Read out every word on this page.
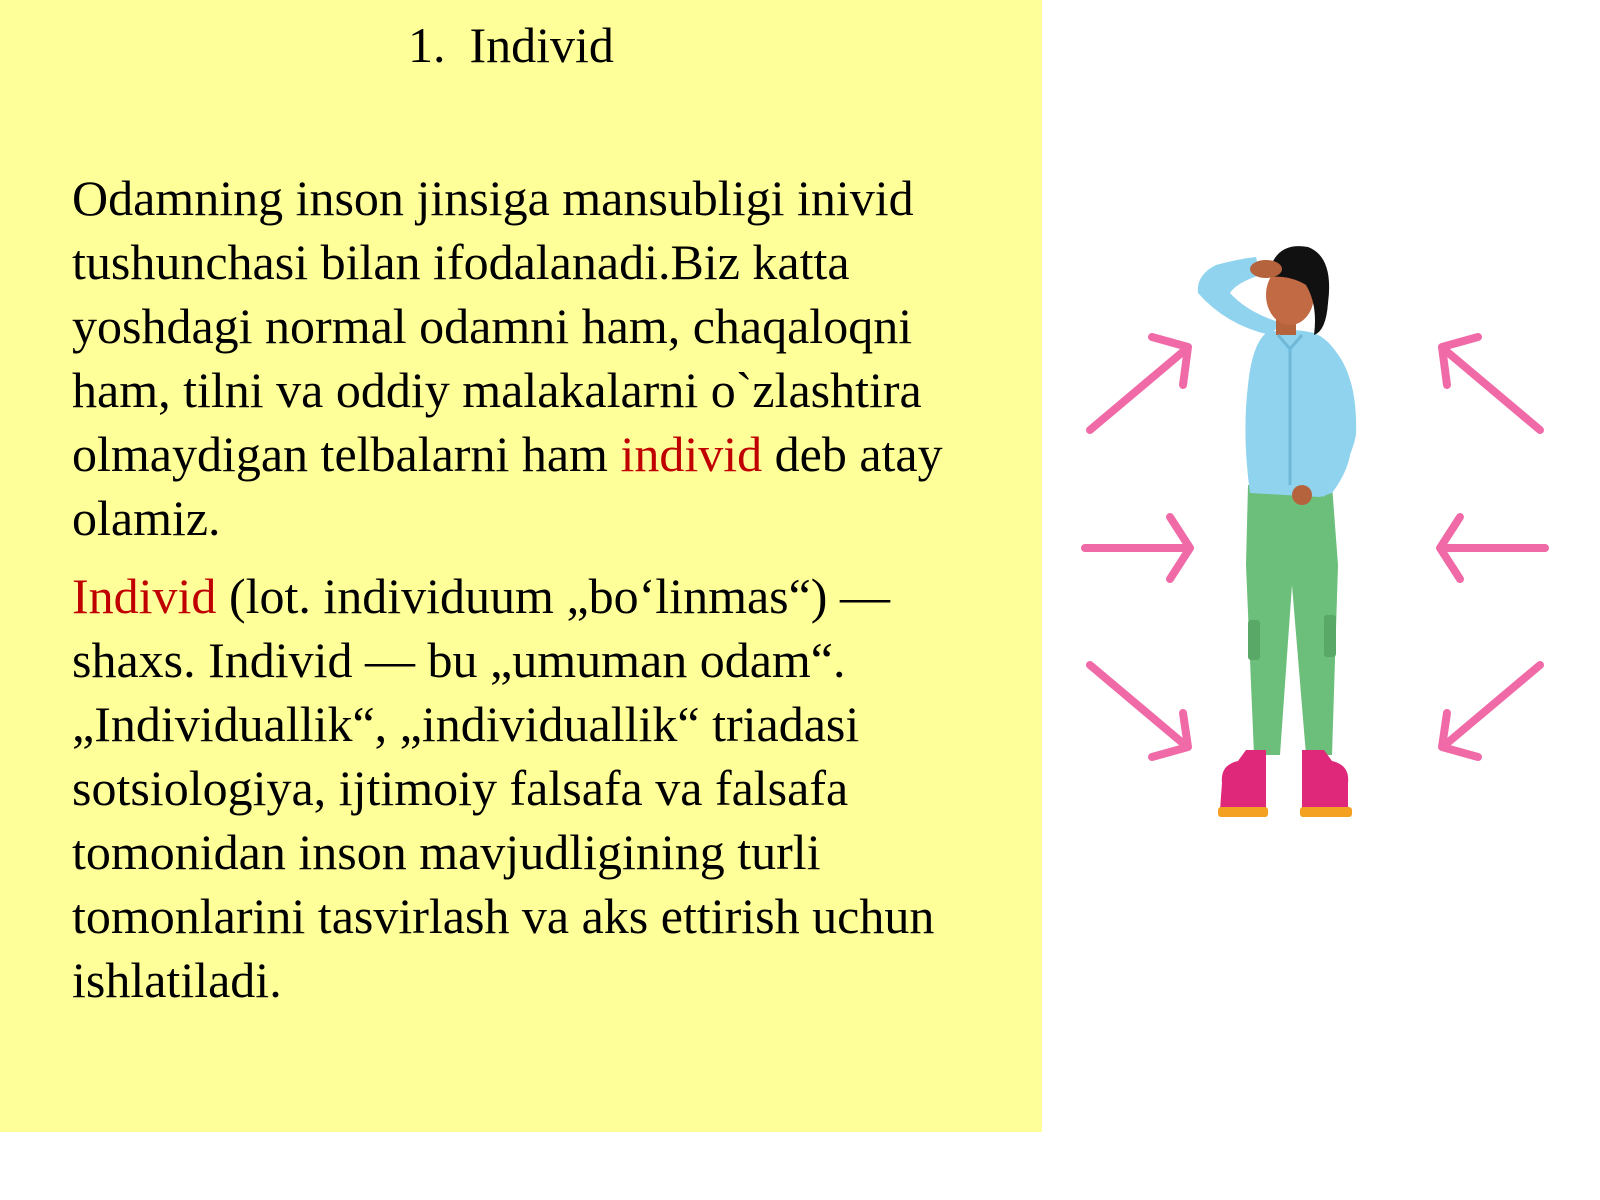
1. Individ

Odamning inson jinsiga mansubligi inivid
tushunchasi bilan ifodalanadi.Biz katta
yoshdagi normal odamni ham, chaqaloqni
ham, tilni va oddiy malakalarni o`zlashtira
olmaydigan telbalarni ham individ deb atay
olamiz.

Individ (lot. individuum „bo‘linmas“) —
shaxs. Individ — bu „umuman odam“.
„Individuallik“, „individuallik“ triadasi
sotsiologiya, ijtimoiy falsafa va falsafa
tomonidan inson mavjudligining turli
tomonlarini tasvirlash va aks ettirish uchun
ishlatiladi.
